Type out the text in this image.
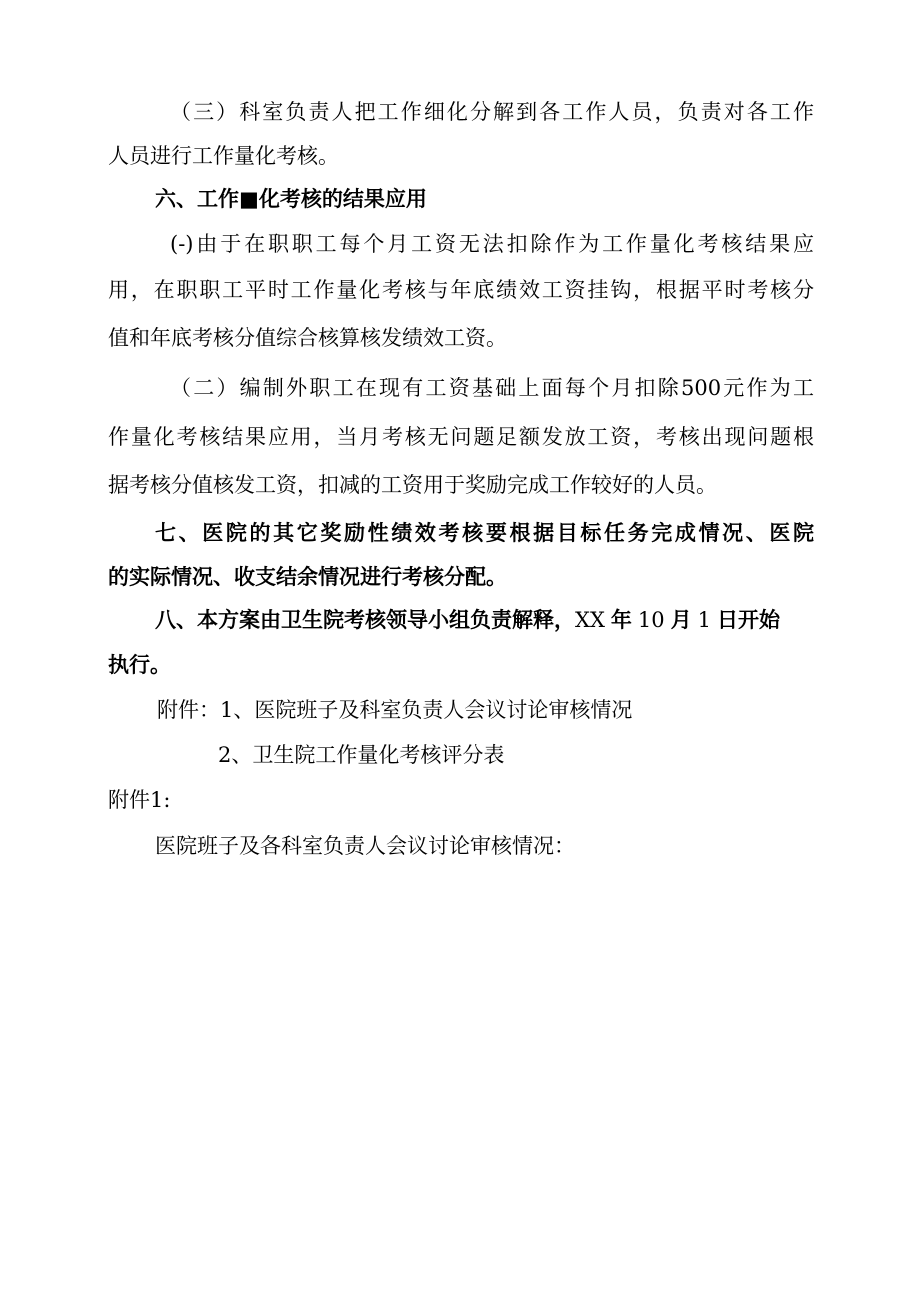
（三）科室负责人把工作细化分解到各工作人员，负责对各工作
人员进行工作量化考核。
六、工作■化考核的结果应用
(-)由于在职职工每个月工资无法扣除作为工作量化考核结果应
用，在职职工平时工作量化考核与年底绩效工资挂钩，根据平时考核分
值和年底考核分值综合核算核发绩效工资。
（二）编制外职工在现有工资基础上面每个月扣除500元作为工
作量化考核结果应用，当月考核无问题足额发放工资，考核出现问题根
据考核分值核发工资，扣减的工资用于奖励完成工作较好的人员。
七、医院的其它奖励性绩效考核要根据目标任务完成情况、医院
的实际情况、收支结余情况进行考核分配。
八、本方案由卫生院考核领导小组负责解释，XX 年 10 月 1 日开始
执行。
附件：1、医院班子及科室负责人会议讨论审核情况
2、卫生院工作量化考核评分表
附件1:
医院班子及各科室负责人会议讨论审核情况：
